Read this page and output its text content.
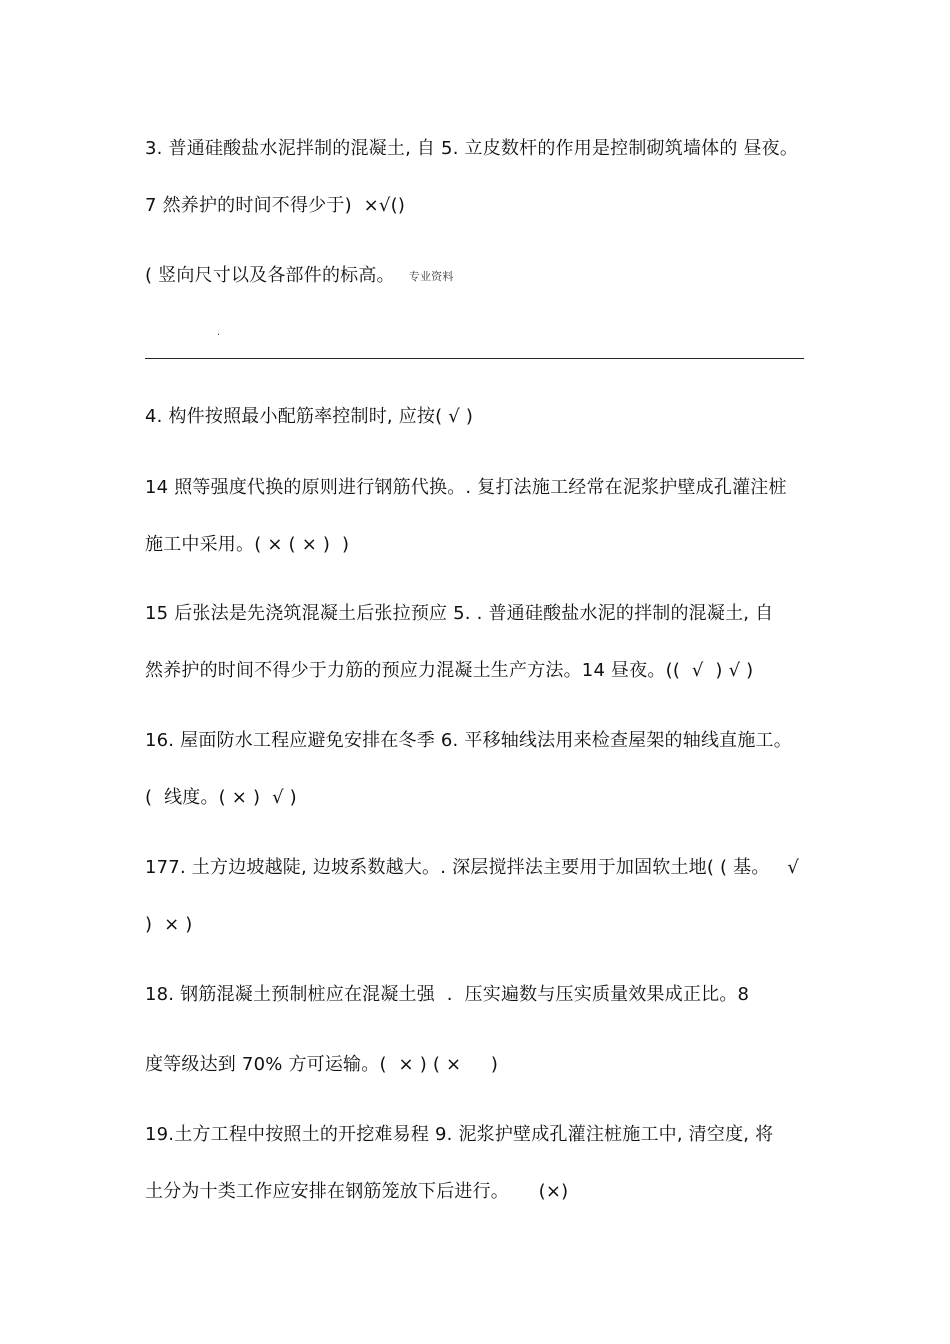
3. 普通硅酸盐水泥拌制的混凝土, 自 5. 立皮数杆的作用是控制砌筑墙体的 昼夜。
7 然养护的时间不得少于)  ×√()
( 竖向尺寸以及各部件的标高。 专业资料
.
4. 构件按照最小配筋率控制时, 应按( √ )
14 照等强度代换的原则进行钢筋代换。. 复打法施工经常在泥浆护壁成孔灌注桩
施工中采用。( × ( × )  )
15 后张法是先浇筑混凝土后张拉预应 5. . 普通硅酸盐水泥的拌制的混凝土, 自
然养护的时间不得少于力筋的预应力混凝土生产方法。14 昼夜。((  √  ) √ )
16. 屋面防水工程应避免安排在冬季 6. 平移轴线法用来检查屋架的轴线直施工。
(  线度。( × )  √ )
177. 土方边坡越陡, 边坡系数越大。. 深层搅拌法主要用于加固软土地( ( 基。   √
)  × )
18. 钢筋混凝土预制桩应在混凝土强  .  压实遍数与压实质量效果成正比。8
度等级达到 70% 方可运输。(  × ) ( ×     )
19.土方工程中按照土的开挖难易程 9. 泥浆护壁成孔灌注桩施工中, 清空度, 将
土分为十类工作应安排在钢筋笼放下后进行。     (×)
